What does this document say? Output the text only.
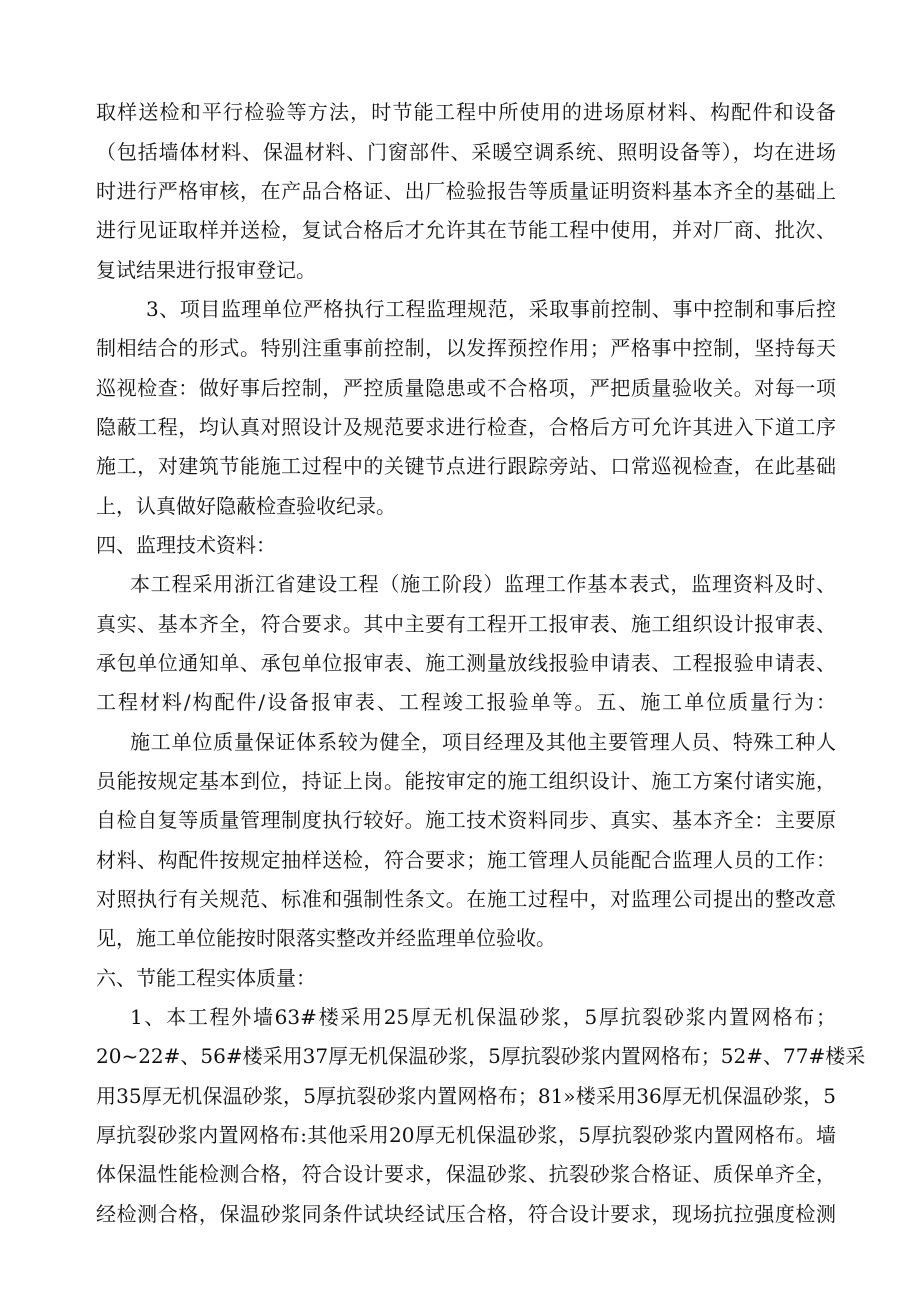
取样送检和平行检验等方法，时节能工程中所使用的进场原材料、构配件和设备
（包括墙体材料、保温材料、门窗部件、采暖空调系统、照明设备等），均在进场
时进行严格审核，在产品合格证、出厂检验报告等质量证明资料基本齐全的基础上
进行见证取样并送检，复试合格后才允许其在节能工程中使用，并对厂商、批次、
复试结果进行报审登记。
3、项目监理单位严格执行工程监理规范，采取事前控制、事中控制和事后控
制相结合的形式。特别注重事前控制，以发挥预控作用；严格事中控制，坚持每天
巡视检查：做好事后控制，严控质量隐患或不合格项，严把质量验收关。对每一项
隐蔽工程，均认真对照设计及规范要求进行检查，合格后方可允许其进入下道工序
施工，对建筑节能施工过程中的关键节点进行跟踪旁站、口常巡视检查，在此基础
上，认真做好隐蔽检查验收纪录。
四、监理技术资料：
本工程采用浙江省建设工程（施工阶段）监理工作基本表式，监理资料及时、
真实、基本齐全，符合要求。其中主要有工程开工报审表、施工组织设计报审表、
承包单位通知单、承包单位报审表、施工测量放线报验申请表、工程报验申请表、
工程材料/构配件/设备报审表、工程竣工报验单等。五、施工单位质量行为：
施工单位质量保证体系较为健全，项目经理及其他主要管理人员、特殊工种人
员能按规定基本到位，持证上岗。能按审定的施工组织设计、施工方案付诸实施，
自检自复等质量管理制度执行较好。施工技术资料同步、真实、基本齐全：主要原
材料、构配件按规定抽样送检，符合要求；施工管理人员能配合监理人员的工作：
对照执行有关规范、标准和强制性条文。在施工过程中，对监理公司提出的整改意
见，施工单位能按时限落实整改并经监理单位验收。
六、节能工程实体质量：
1、本工程外墙63#楼采用25厚无机保温砂浆，5厚抗裂砂浆内置网格布；
20~22#、56#楼采用37厚无机保温砂浆，5厚抗裂砂浆内置网格布；52#、77#楼采
用35厚无机保温砂浆，5厚抗裂砂浆内置网格布；81»楼采用36厚无机保温砂浆，5
厚抗裂砂浆内置网格布:其他采用20厚无机保温砂浆，5厚抗裂砂浆内置网格布。墙
体保温性能检测合格，符合设计要求，保温砂浆、抗裂砂浆合格证、质保单齐全，
经检测合格，保温砂浆同条件试块经试压合格，符合设计要求，现场抗拉强度检测
